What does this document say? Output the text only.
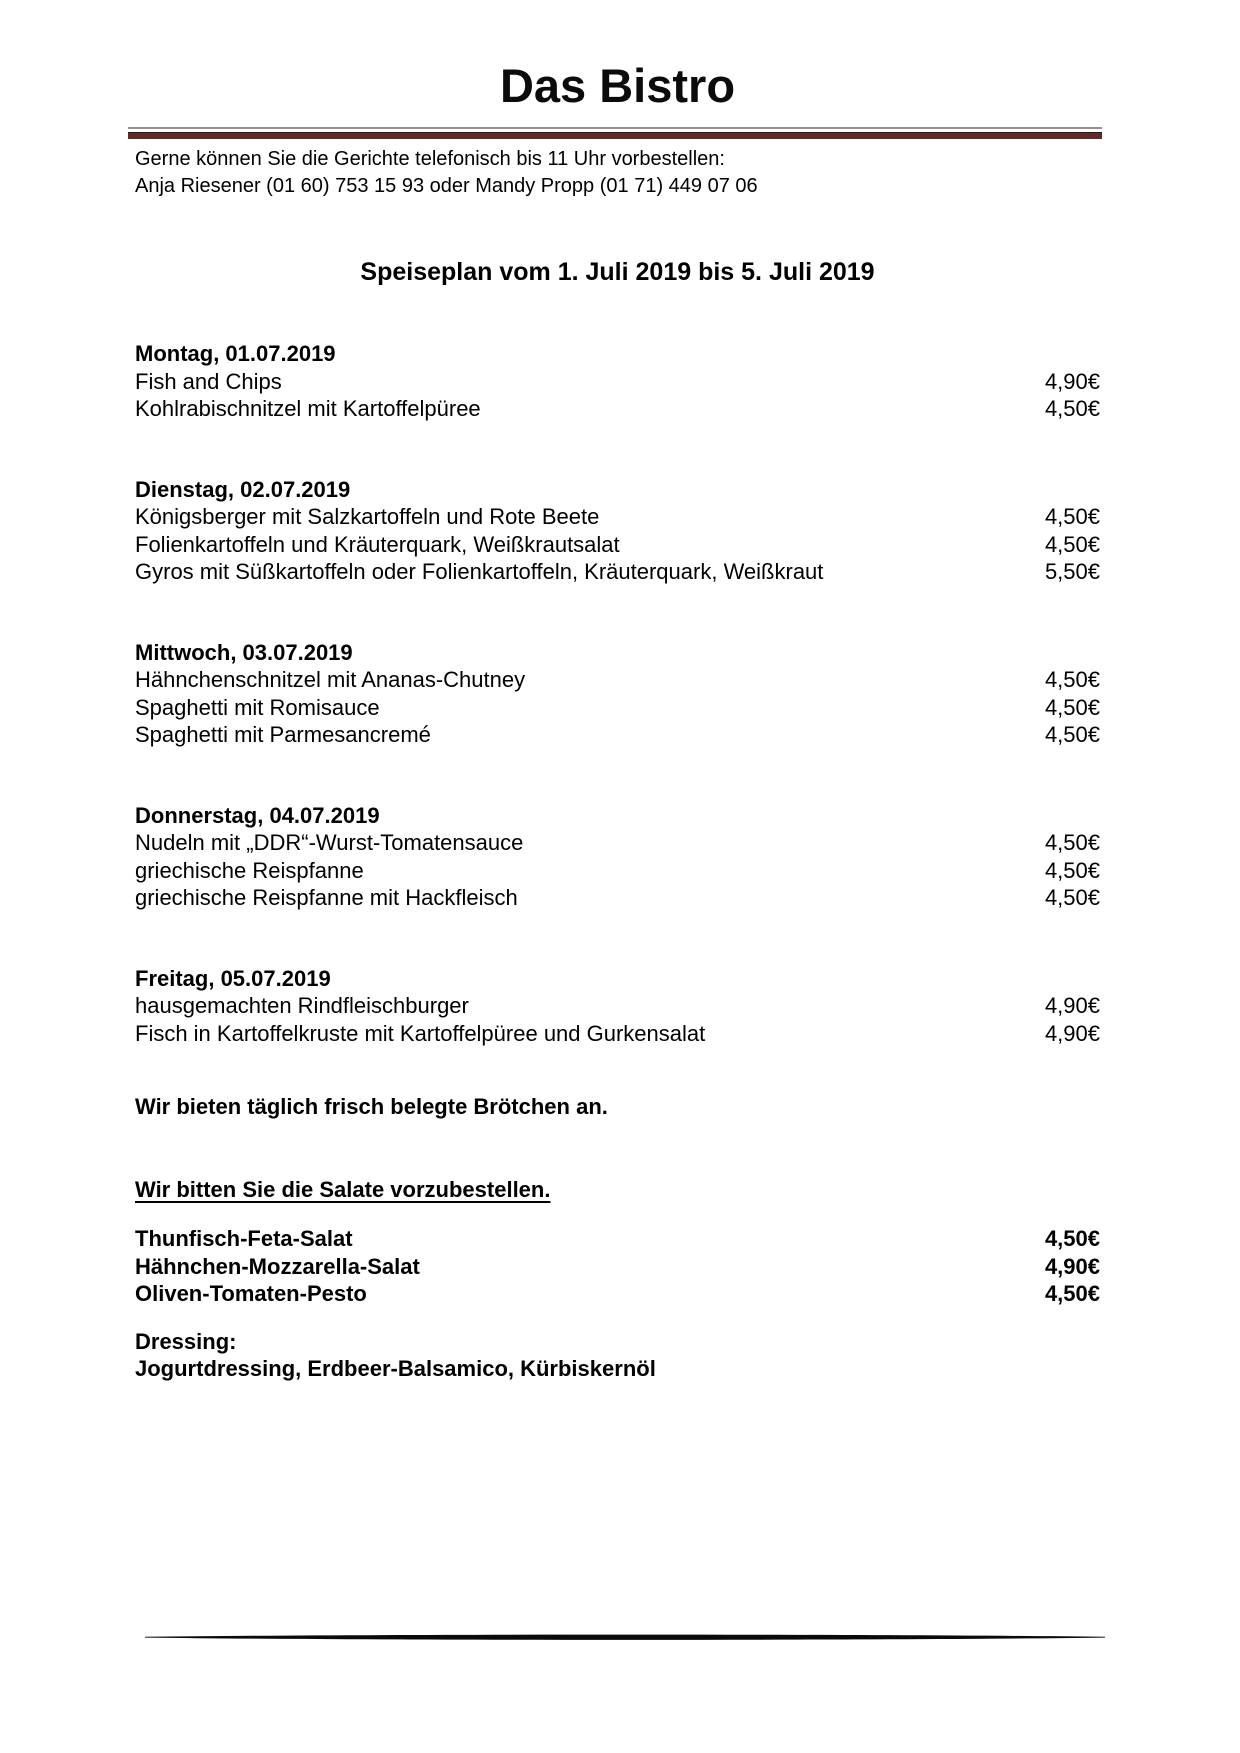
Das Bistro

Gerne können Sie die Gerichte telefonisch bis 11 Uhr vorbestellen:

Anja Riesener (01 60) 753 15 93 oder Mandy Propp (01 71) 449 07 06

Speiseplan vom 1. Juli 2019 bis 5. Juli 2019
Montag, 01.07.2019
Fish and Chips	4,90€
Kohlrabischnitzel mit Kartoffelpüree	4,50€
Dienstag, 02.07.2019
Königsberger mit Salzkartoffeln und Rote Beete	4,50€
Folienkartoffeln und Kräuterquark, Weißkrautsalat	4,50€
Gyros mit Süßkartoffeln oder Folienkartoffeln, Kräuterquark, Weißkraut	5,50€
Mittwoch, 03.07.2019
Hähnchenschnitzel mit Ananas-Chutney	4,50€
Spaghetti mit Romisauce	4,50€
Spaghetti mit Parmesancremé	4,50€
Donnerstag, 04.07.2019
Nudeln mit „DDR“-Wurst-Tomatensauce	4,50€
griechische Reispfanne	4,50€
griechische Reispfanne mit Hackfleisch	4,50€
Freitag, 05.07.2019
hausgemachten Rindfleischburger	4,90€
Fisch in Kartoffelkruste mit Kartoffelpüree und Gurkensalat	4,90€

Wir bieten täglich frisch belegte Brötchen an.

Wir bitten Sie die Salate vorzubestellen.

Thunfisch-Feta-Salat	4,50€
Hähnchen-Mozzarella-Salat	4,90€
Oliven-Tomaten-Pesto	4,50€

Dressing:

Jogurtdressing, Erdbeer-Balsamico, Kürbiskernöl
